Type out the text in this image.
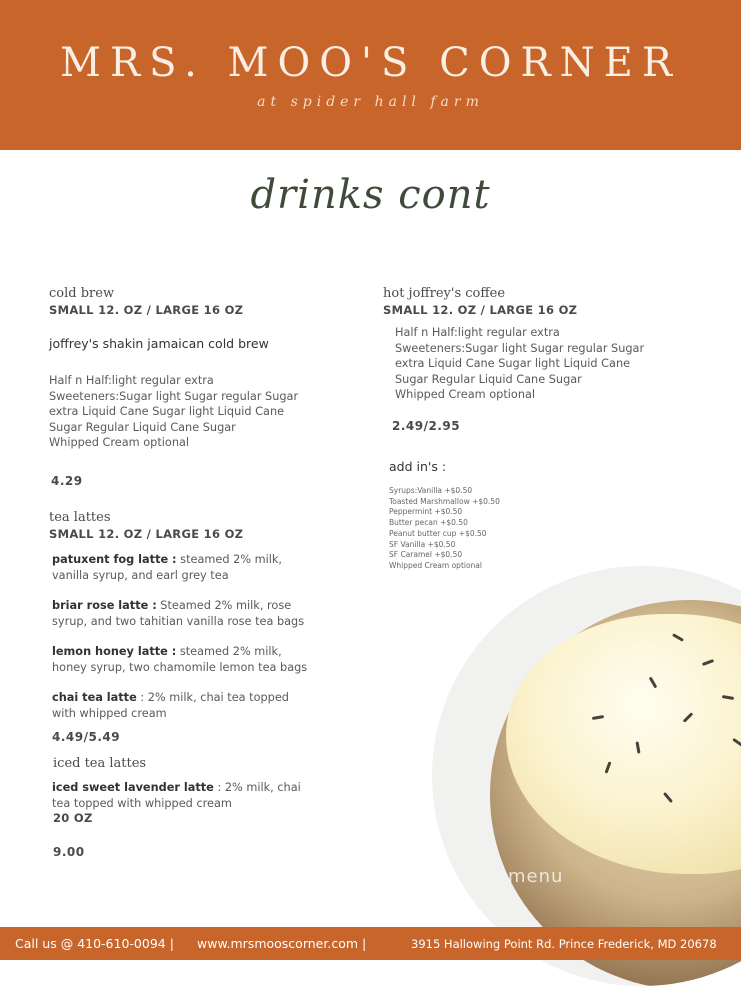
MRS. MOO'S CORNER
at spider hall farm
drinks cont
cold brew
SMALL 12. OZ / LARGE 16 OZ
joffrey's shakin jamaican cold brew
Half n Half:light regular extra
Sweeteners:Sugar light Sugar regular Sugar
extra Liquid Cane Sugar light Liquid Cane
Sugar Regular Liquid Cane Sugar
Whipped Cream optional
4.29
tea lattes
SMALL 12. OZ / LARGE 16 OZ
patuxent fog latte : steamed 2% milk,
vanilla syrup, and earl grey tea
briar rose latte : Steamed 2% milk, rose
syrup, and two tahitian vanilla rose tea bags
lemon honey latte : steamed 2% milk,
honey syrup, two chamomile lemon tea bags
chai tea latte : 2% milk, chai tea topped
with whipped cream
4.49/5.49
iced tea lattes
iced sweet lavender latte : 2% milk, chai
tea topped with whipped cream
20 OZ
9.00
menu
hot joffrey's coffee
SMALL 12. OZ / LARGE 16 OZ
Half n Half:light regular extra
Sweeteners:Sugar light Sugar regular Sugar
extra Liquid Cane Sugar light Liquid Cane
Sugar Regular Liquid Cane Sugar
Whipped Cream optional
2.49/2.95
add in's :
Syrups:Vanilla +$0.50
Toasted Marshmallow +$0.50
Peppermint +$0.50
Butter pecan +$0.50
Peanut butter cup +$0.50
SF Vanilla +$0.50
SF Caramel +$0.50
Whipped Cream optional
Call us @ 410-610-0094 | www.mrsmooscorner.com |	3915 Hallowing Point Rd. Prince Frederick, MD 20678
